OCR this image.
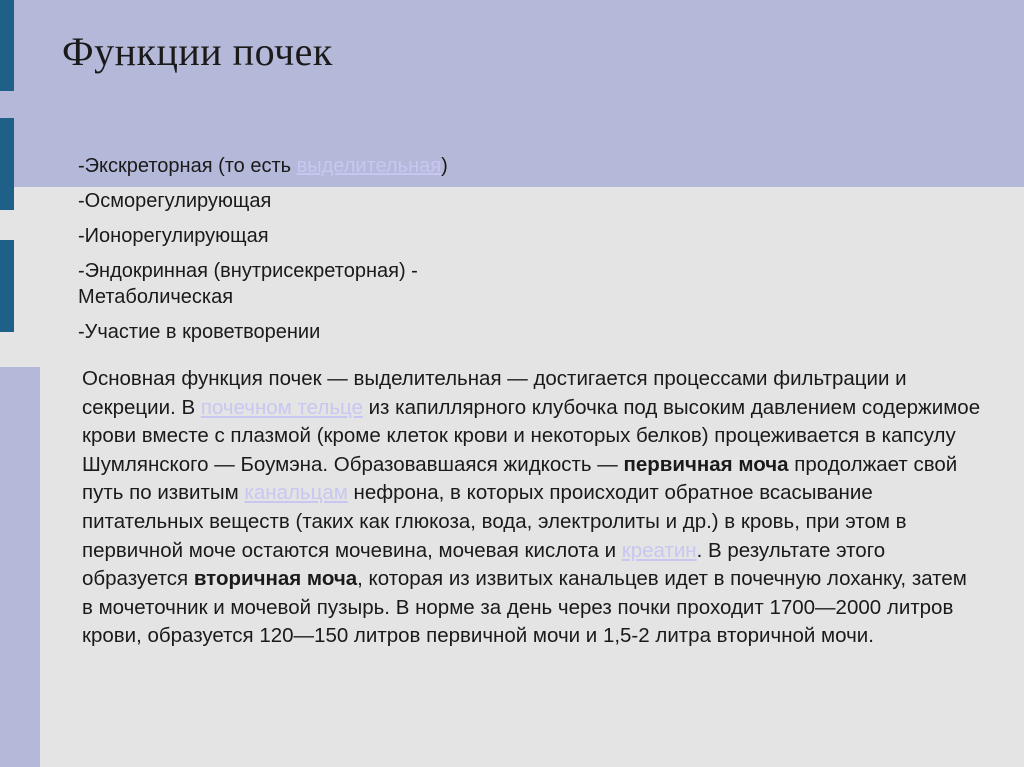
Функции почек
-Экскреторная (то есть выделительная)
-Осморегулирующая
-Ионорегулирующая
-Эндокринная (внутрисекреторная) -
Метаболическая
-Участие в кроветворении

Основная функция почек — выделительная — достигается процессами фильтрации и секреции. В почечном тельце из капиллярного клубочка под высоким давлением содержимое крови вместе с плазмой (кроме клеток крови и некоторых белков) процеживается в капсулу Шумлянского — Боумэна. Образовавшаяся жидкость — первичная моча продолжает свой путь по извитым канальцам нефрона, в которых происходит обратное всасывание питательных веществ (таких как глюкоза, вода, электролиты и др.) в кровь, при этом в первичной моче остаются мочевина, мочевая кислота и креатин. В результате этого образуется вторичная моча, которая из извитых канальцев идет в почечную лоханку, затем в мочеточник и мочевой пузырь. В норме за день через почки проходит 1700—2000 литров крови, образуется 120—150 литров первичной мочи и 1,5-2 литра вторичной мочи.
